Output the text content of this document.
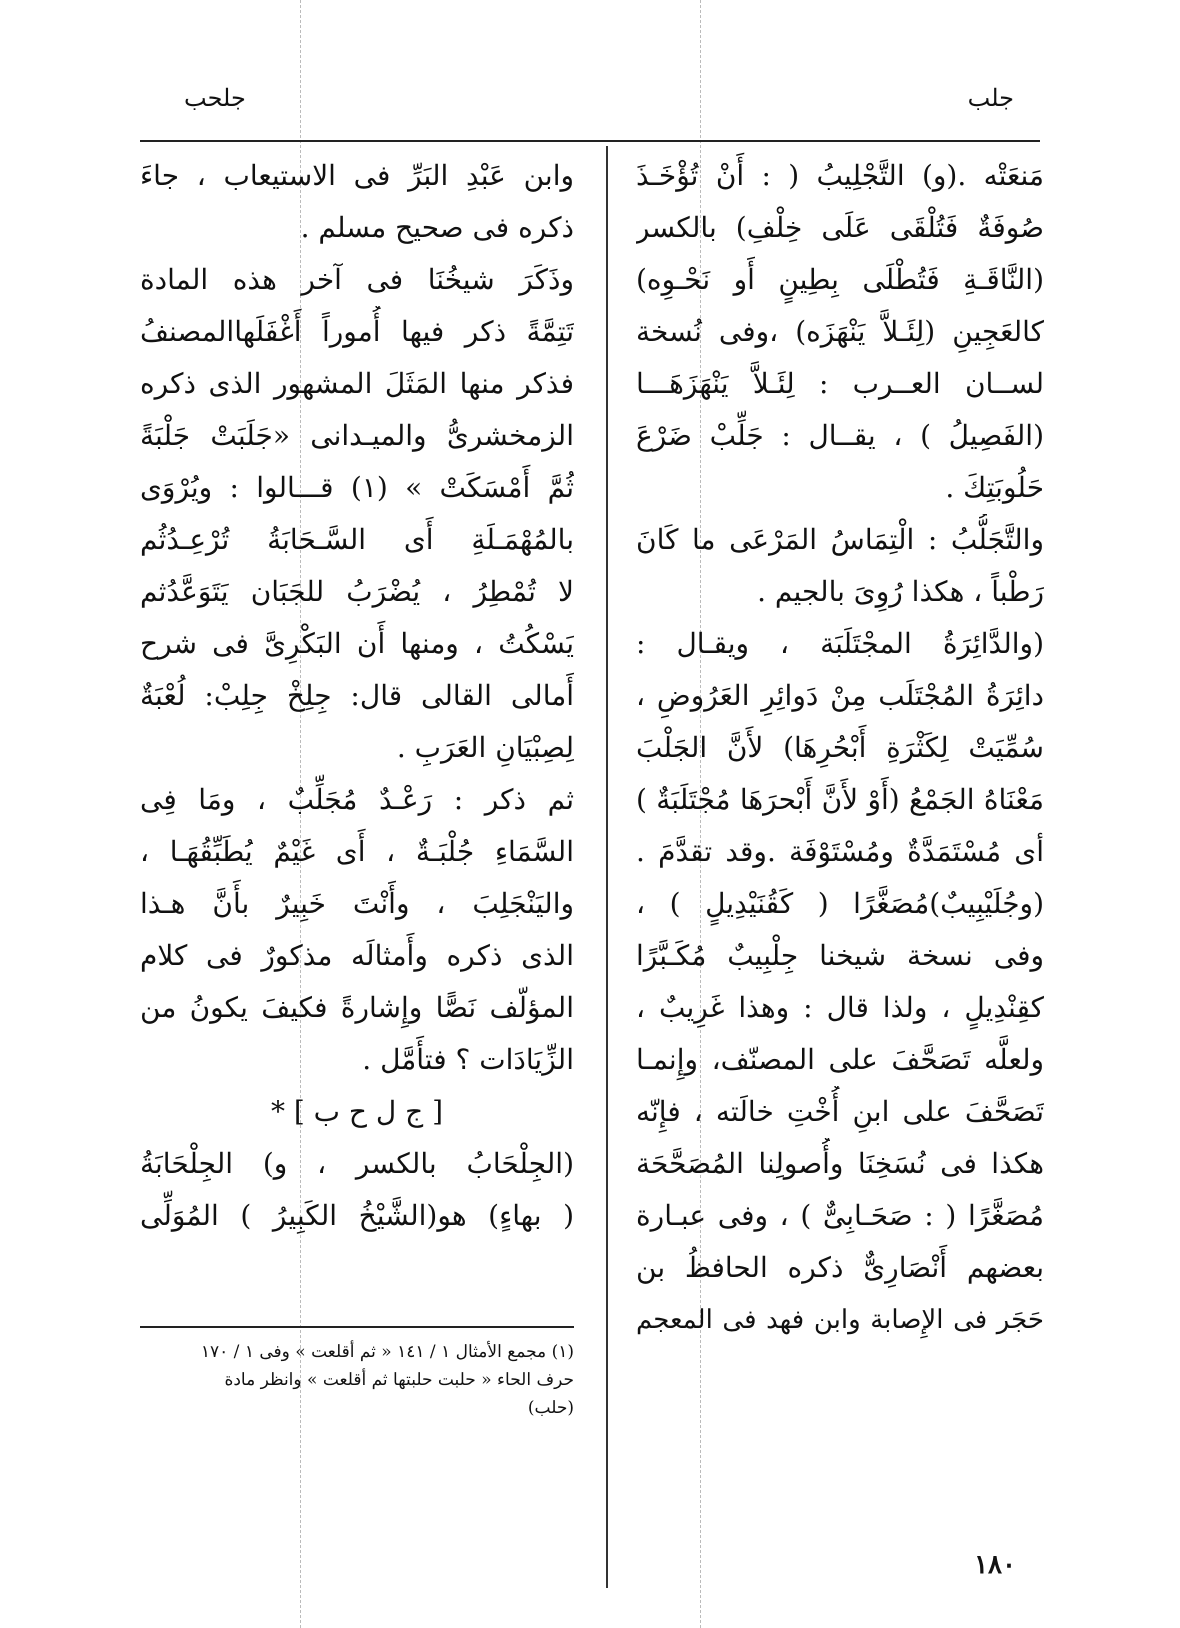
جلب
جلحب
مَنعَتْه .(و) التَّجْلِيبُ ( : أَنْ تُؤْخَـذَ
صُوفَةٌ فَتُلْقَى عَلَى خِلْفِ) بالكسر
(النَّاقَـةِ فَتُطْلَى بِطِينٍ أَو نَحْـوِه)
كالعَجِينِ (لِئَـلاَّ يَنْهَزَه) ،وفى نُسخة
لســان العــرب : لِئَـلاَّ يَنْهَزَهَـــا
(الفَصِيلُ ) ، يقــال : جَلِّبْ ضَرْعَ
حَلُوبَتِكَ .
والتَّجَلُّبُ : الْتِمَاسُ المَرْعَى ما كَانَ
رَطْباً ، هكذا رُوِىَ بالجيم .
(والدَّائِرَةُ المجْتَلَبَة ، ويقـال :
دائِرَةُ المُجْتَلَب مِنْ دَوائِرِ العَرُوضِ ،
سُمِّيَتْ لِكَثْرَةِ أَبْحُرِهَا) لأَنَّ الجَلْبَ
مَعْنَاهُ الجَمْعُ (أَوْ لأَنَّ أَبْحرَهَا مُجْتَلَبَةٌ )
أى مُسْتَمَدَّةٌ ومُسْتَوْفَة .وقد تقدَّمَ .
(وجُلَيْبِيبٌ)مُصَغَّرًا ( كَقُنَيْدِيلٍ ) ،
وفى نسخة شيخنا جِلْبِيبٌ مُكَـبَّرًا
كقِنْدِيلٍ ، ولذا قال : وهذا غَرِيبٌ ،
ولعلَّه تَصَحَّفَ على المصنّف، وإِنمـا
تَصَحَّفَ على ابنِ أُخْتِ خالَته ، فإِنّه
هكذا فى نُسَخِنَا وأُصولِنا المُصَحَّحَة
مُصَغَّرًا ( : صَحَـابِىٌّ ) ، وفى عبـارة
بعضهم أَنْصَارِىٌّ ذكره الحافظُ بن
حَجَر فى الإِصابة وابن فهد فى المعجم
وابن عَبْدِ البَرِّ فى الاستيعاب ، جاءَ
ذكره فى صحيح مسلم .
وذَكَرَ شيخُنَا فى آخر هذه المادة
تَتِمَّةً ذكر فيها أُموراً أَغْفَلَهاالمصنفُ
فذكر منها المَثَلَ المشهور الذى ذكره
الزمخشرىُّ والميـدانى «جَلَبَتْ جَلْبَةً
ثُمَّ أَمْسَكَتْ » (١) قـــالوا : ويُرْوَى
بالمُهْمَـلَةِ أَى السَّـحَابَةُ تُرْعِـدُثُم
لا تُمْطِرُ ، يُضْرَبُ للجَبَان يَتَوَعَّدُثم
يَسْكُتُ ، ومنها أَن البَكْرِىَّ فى شرح
أَمالى القالى قال: جِلِخْ جِلِبْ: لُعْبَةٌ
لِصِبْيَانِ العَرَبِ .
ثم ذكر : رَعْـدٌ مُجَلِّبٌ ، ومَا فِى
السَّمَاءِ جُلْبَـةٌ ، أَى غَيْمٌ يُطَبِّقُهَـا ،
واليَنْجَلِبَ ، وأَنْتَ خَبِيرٌ بأَنَّ هـذا
الذى ذكره وأَمثالَه مذكورٌ فى كلام
المؤلّف نَصًّا وإِشارةً فكيفَ يكونُ من
الزِّيَادَات ؟ فتأَمَّل .
[ ج ل ح ب ] *
(الجِلْحَابُ بالكسر ، و) الجِلْحَابَةُ
( بهاءٍ) هو(الشَّيْخُ الكَبِيرُ ) المُوَلِّى
(١) مجمع الأمثال ١ / ١٤١ « ثم أقلعت » وفى ١ / ١٧٠
حرف الحاء « حلبت حلبتها ثم أقلعت » وانظر مادة
(حلب)
١٨٠
